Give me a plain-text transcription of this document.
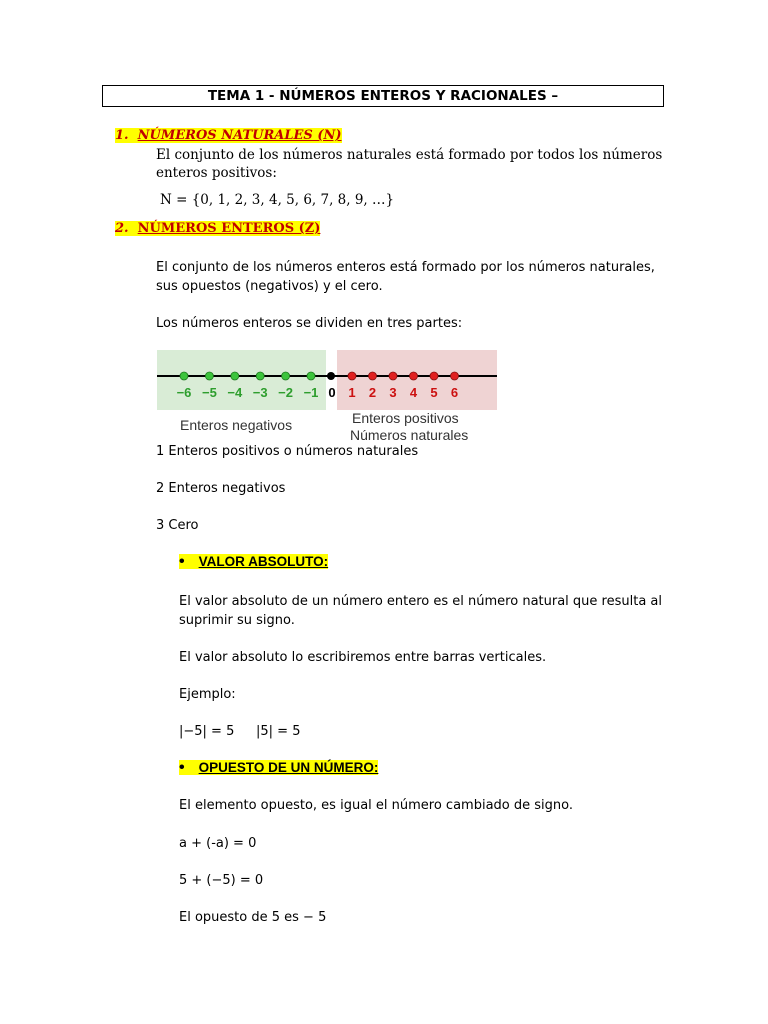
TEMA 1 - NÚMEROS ENTEROS Y RACIONALES –
1. NÚMEROS NATURALES (N)
El conjunto de los números naturales está formado por todos los números
enteros positivos:
N = {0, 1, 2, 3, 4, 5, 6, 7, 8, 9, …}
2. NÚMEROS ENTEROS (Z)
El conjunto de los números enteros está formado por los números naturales,
sus opuestos (negativos) y el cero.
Los números enteros se dividen en tres partes:
−6 −5 −4 −3 −2 −1 1 2 3 4 5 6
0
Enteros negativos	Enteros positivos
Números naturales
1 Enteros positivos o números naturales
2 Enteros negativos
3 Cero
• VALOR ABSOLUTO:
El valor absoluto de un número entero es el número natural que resulta al
suprimir su signo.
El valor absoluto lo escribiremos entre barras verticales.
Ejemplo:
|−5| = 5 |5| = 5
• OPUESTO DE UN NÚMERO:
El elemento opuesto, es igual el número cambiado de signo.
a + (-a) = 0
5 + (−5) = 0
El opuesto de 5 es − 5
